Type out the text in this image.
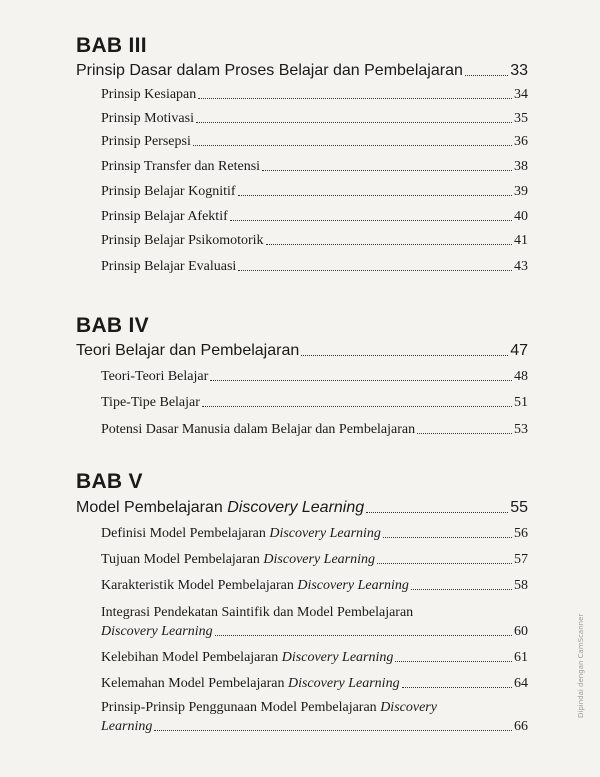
BAB III
Prinsip Dasar dalam Proses Belajar dan Pembelajaran	33
Prinsip Kesiapan	34
Prinsip Motivasi	35
Prinsip Persepsi	36
Prinsip Transfer dan Retensi	38
Prinsip Belajar Kognitif	39
Prinsip Belajar Afektif	40
Prinsip Belajar Psikomotorik	41
Prinsip Belajar Evaluasi	43
BAB IV
Teori Belajar dan Pembelajaran	47
Teori-Teori Belajar	48
Tipe-Tipe Belajar	51
Potensi Dasar Manusia dalam Belajar dan Pembelajaran	53
BAB V
Model Pembelajaran Discovery Learning	55
Definisi Model Pembelajaran Discovery Learning	56
Tujuan Model Pembelajaran Discovery Learning	57
Karakteristik Model Pembelajaran Discovery Learning	58
Integrasi Pendekatan Saintifik dan Model Pembelajaran
Discovery Learning	60
Kelebihan Model Pembelajaran Discovery Learning	61
Kelemahan Model Pembelajaran Discovery Learning	64
Prinsip-Prinsip Penggunaan Model Pembelajaran Discovery
Learning	66
Dipindai dengan CamScanner
